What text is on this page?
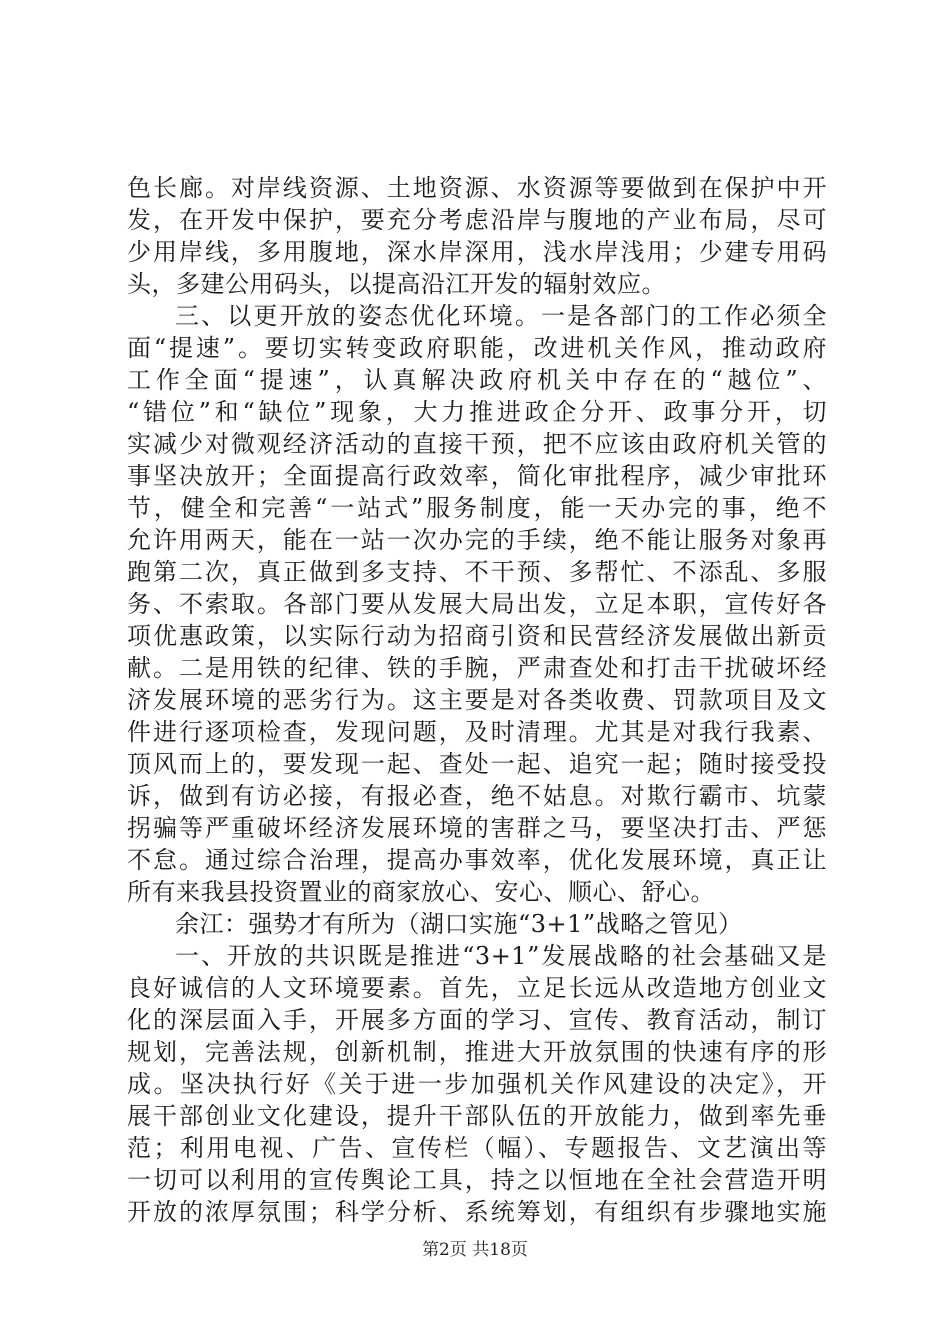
色长廊。对岸线资源、土地资源、水资源等要做到在保护中开
发，在开发中保护，要充分考虑沿岸与腹地的产业布局，尽可
少用岸线，多用腹地，深水岸深用，浅水岸浅用；少建专用码
头，多建公用码头，以提高沿江开发的辐射效应。
三、以更开放的姿态优化环境。一是各部门的工作必须全
面“提速”。要切实转变政府职能，改进机关作风，推动政府
工作全面“提速”，认真解决政府机关中存在的“越位”、
“错位”和“缺位”现象，大力推进政企分开、政事分开，切
实减少对微观经济活动的直接干预，把不应该由政府机关管的
事坚决放开；全面提高行政效率，简化审批程序，减少审批环
节，健全和完善“一站式”服务制度，能一天办完的事，绝不
允许用两天，能在一站一次办完的手续，绝不能让服务对象再
跑第二次，真正做到多支持、不干预、多帮忙、不添乱、多服
务、不索取。各部门要从发展大局出发，立足本职，宣传好各
项优惠政策，以实际行动为招商引资和民营经济发展做出新贡
献。二是用铁的纪律、铁的手腕，严肃查处和打击干扰破坏经
济发展环境的恶劣行为。这主要是对各类收费、罚款项目及文
件进行逐项检查，发现问题，及时清理。尤其是对我行我素、
顶风而上的，要发现一起、查处一起、追究一起；随时接受投
诉，做到有访必接，有报必查，绝不姑息。对欺行霸市、坑蒙
拐骗等严重破坏经济发展环境的害群之马，要坚决打击、严惩
不怠。通过综合治理，提高办事效率，优化发展环境，真正让
所有来我县投资置业的商家放心、安心、顺心、舒心。
余江：强势才有所为（湖口实施“3+1”战略之管见）
一、开放的共识既是推进“3+1”发展战略的社会基础又是
良好诚信的人文环境要素。首先，立足长远从改造地方创业文
化的深层面入手，开展多方面的学习、宣传、教育活动，制订
规划，完善法规，创新机制，推进大开放氛围的快速有序的形
成。坚决执行好《关于进一步加强机关作风建设的决定》，开
展干部创业文化建设，提升干部队伍的开放能力，做到率先垂
范；利用电视、广告、宣传栏（幅）、专题报告、文艺演出等
一切可以利用的宣传舆论工具，持之以恒地在全社会营造开明
开放的浓厚氛围；科学分析、系统筹划，有组织有步骤地实施
第2页 共18页
